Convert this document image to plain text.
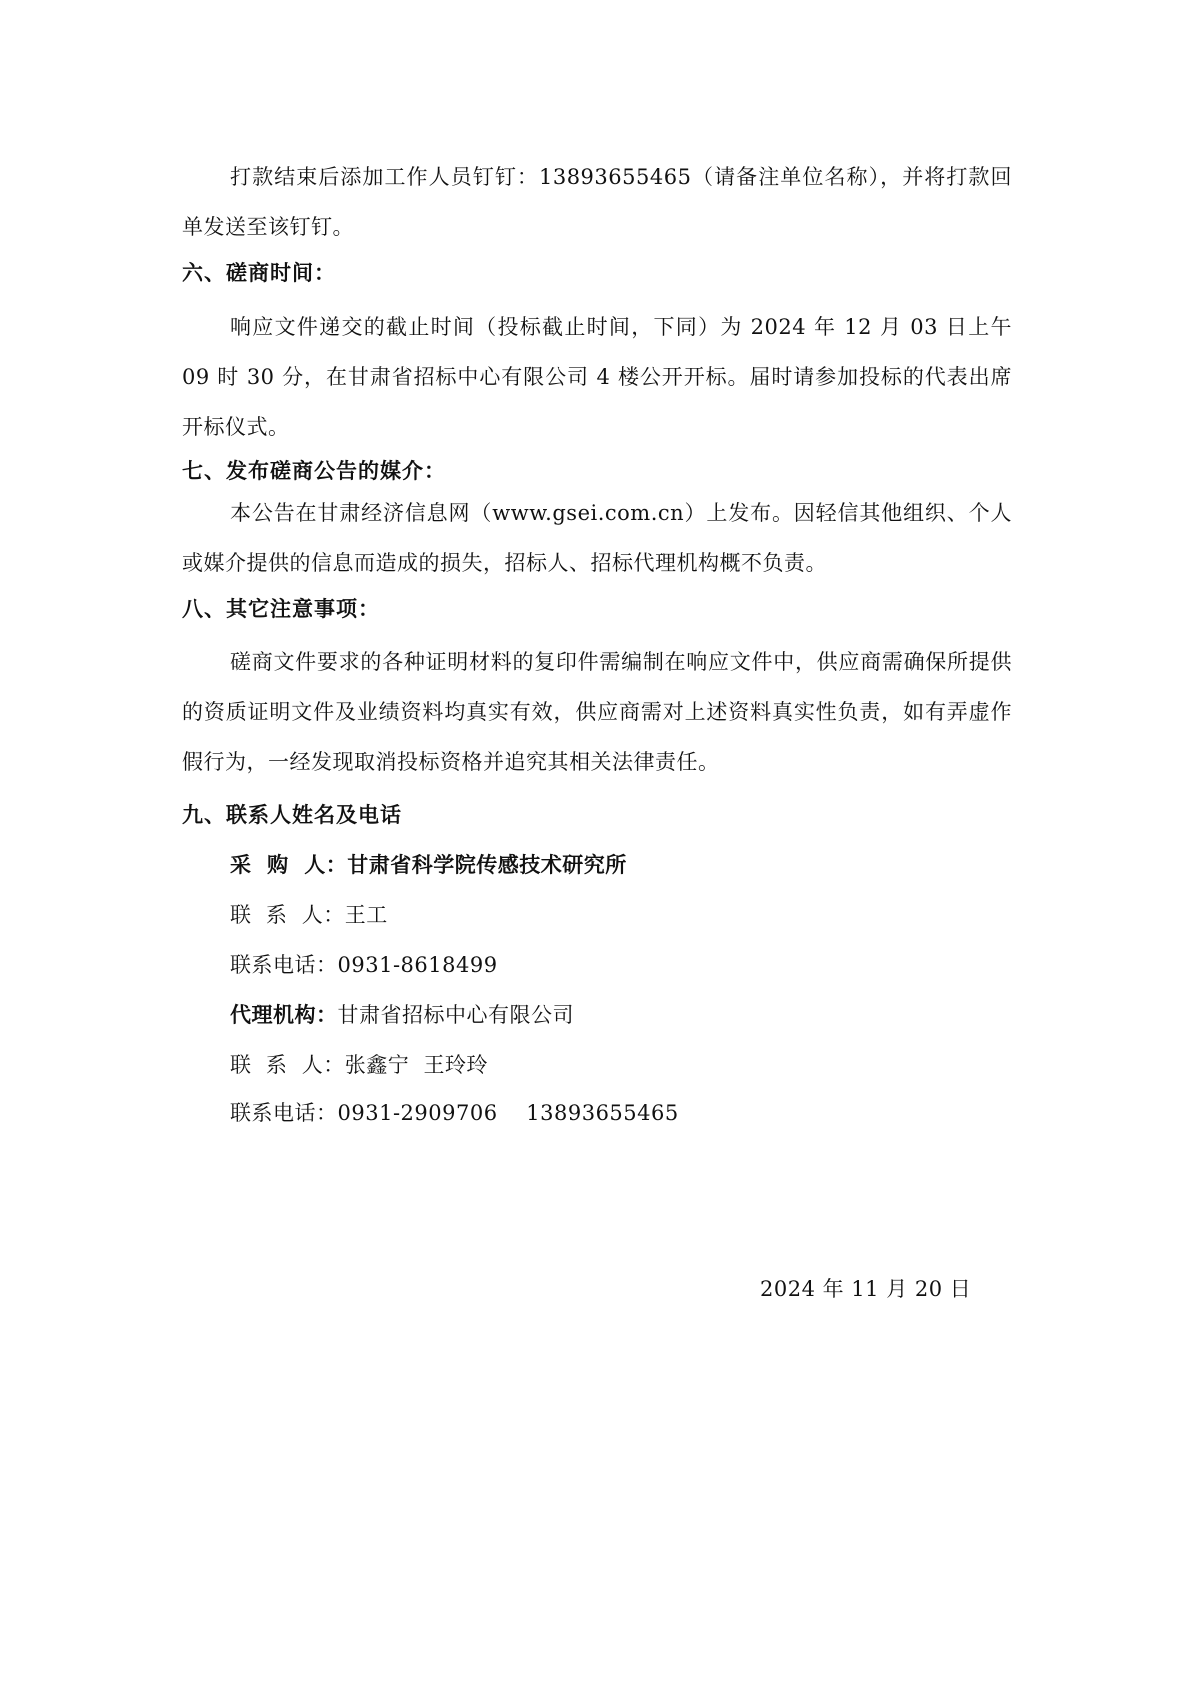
打款结束后添加工作人员钉钉：13893655465（请备注单位名称），并将打款回单发送至该钉钉。

六、磋商时间：

响应文件递交的截止时间（投标截止时间，下同）为 2024 年 12 月 03 日上午 09 时 30 分，在甘肃省招标中心有限公司 4 楼公开开标。届时请参加投标的代表出席开标仪式。

七、发布磋商公告的媒介：

本公告在甘肃经济信息网（www.gsei.com.cn）上发布。因轻信其他组织、个人或媒介提供的信息而造成的损失，招标人、招标代理机构概不负责。

八、其它注意事项：

磋商文件要求的各种证明材料的复印件需编制在响应文件中，供应商需确保所提供的资质证明文件及业绩资料均真实有效，供应商需对上述资料真实性负责，如有弄虚作假行为，一经发现取消投标资格并追究其相关法律责任。

九、联系人姓名及电话

采  购  人：甘肃省科学院传感技术研究所

联  系  人：王工

联系电话：0931-8618499

代理机构：甘肃省招标中心有限公司

联  系  人：张鑫宁  王玲玲

联系电话：0931-2909706    13893655465

2024 年 11 月 20 日
